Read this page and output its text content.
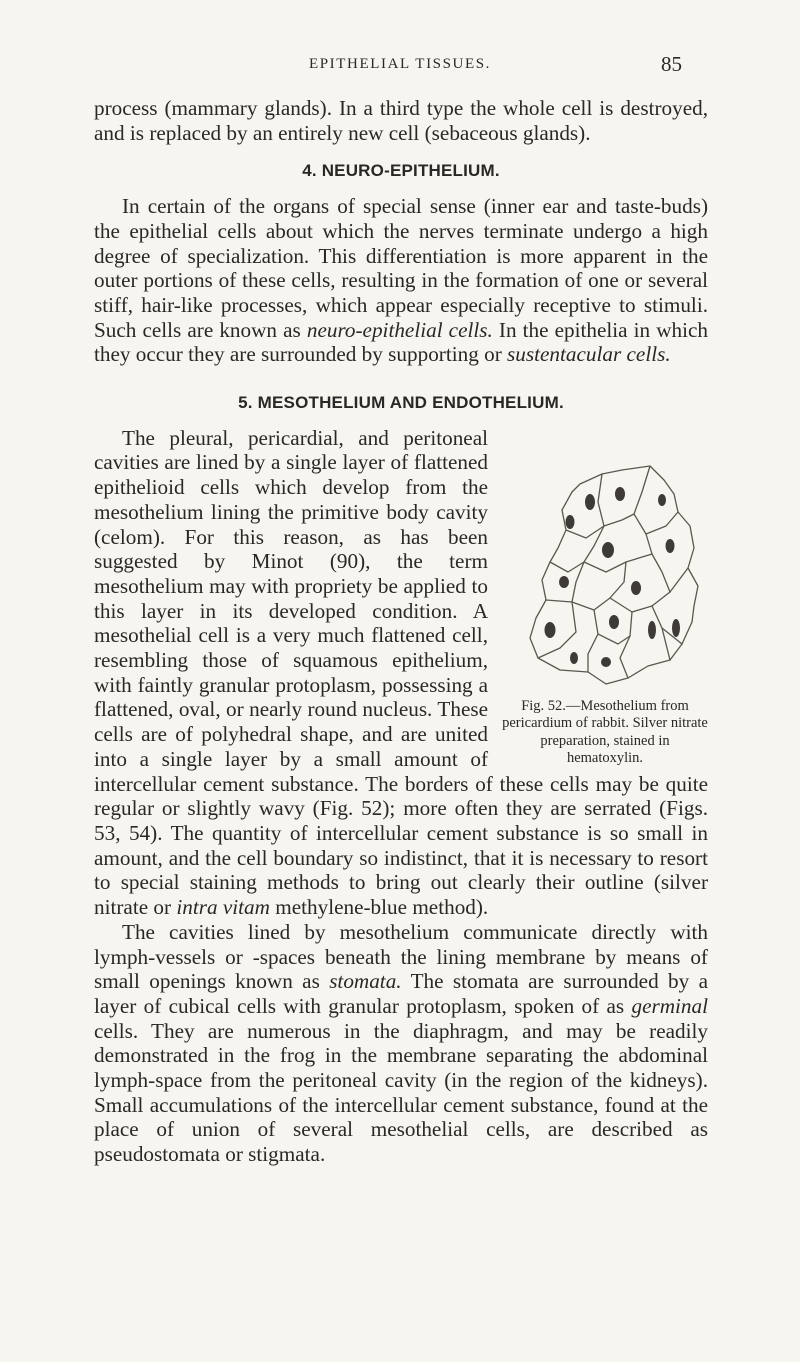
EPITHELIAL TISSUES.	85

process (mammary glands). In a third type the whole cell is destroyed, and is replaced by an entirely new cell (sebaceous glands).

4. NEURO-EPITHELIUM.

In certain of the organs of special sense (inner ear and taste-buds) the epithelial cells about which the nerves terminate undergo a high degree of specialization. This differentiation is more apparent in the outer portions of these cells, resulting in the formation of one or several stiff, hair-like processes, which appear especially receptive to stimuli. Such cells are known as neuro-epithelial cells. In the epithelia in which they occur they are surrounded by supporting or sustentacular cells.

5. MESOTHELIUM AND ENDOTHELIUM.
Fig. 52.—Mesothelium from pericardium of rabbit. Silver nitrate preparation, stained in hematoxylin.

The pleural, pericardial, and peritoneal cavities are lined by a single layer of flattened epithelioid cells which develop from the mesothelium lining the primitive body cavity (celom). For this reason, as has been suggested by Minot (90), the term mesothelium may with propriety be applied to this layer in its developed condition. A mesothelial cell is a very much flattened cell, resembling those of squamous epithelium, with faintly granular protoplasm, possessing a flattened, oval, or nearly round nucleus. These cells are of polyhedral shape, and are united into a single layer by a small amount of intercellular cement substance. The borders of these cells may be quite regular or slightly wavy (Fig. 52); more often they are serrated (Figs. 53, 54). The quantity of intercellular cement substance is so small in amount, and the cell boundary so indistinct, that it is necessary to resort to special staining methods to bring out clearly their outline (silver nitrate or intra vitam methylene-blue method).

The cavities lined by mesothelium communicate directly with lymph-vessels or -spaces beneath the lining membrane by means of small openings known as stomata. The stomata are surrounded by a layer of cubical cells with granular protoplasm, spoken of as germinal cells. They are numerous in the diaphragm, and may be readily demonstrated in the frog in the membrane separating the abdominal lymph-space from the peritoneal cavity (in the region of the kidneys). Small accumulations of the intercellular cement substance, found at the place of union of several mesothelial cells, are described as pseudostomata or stigmata.
